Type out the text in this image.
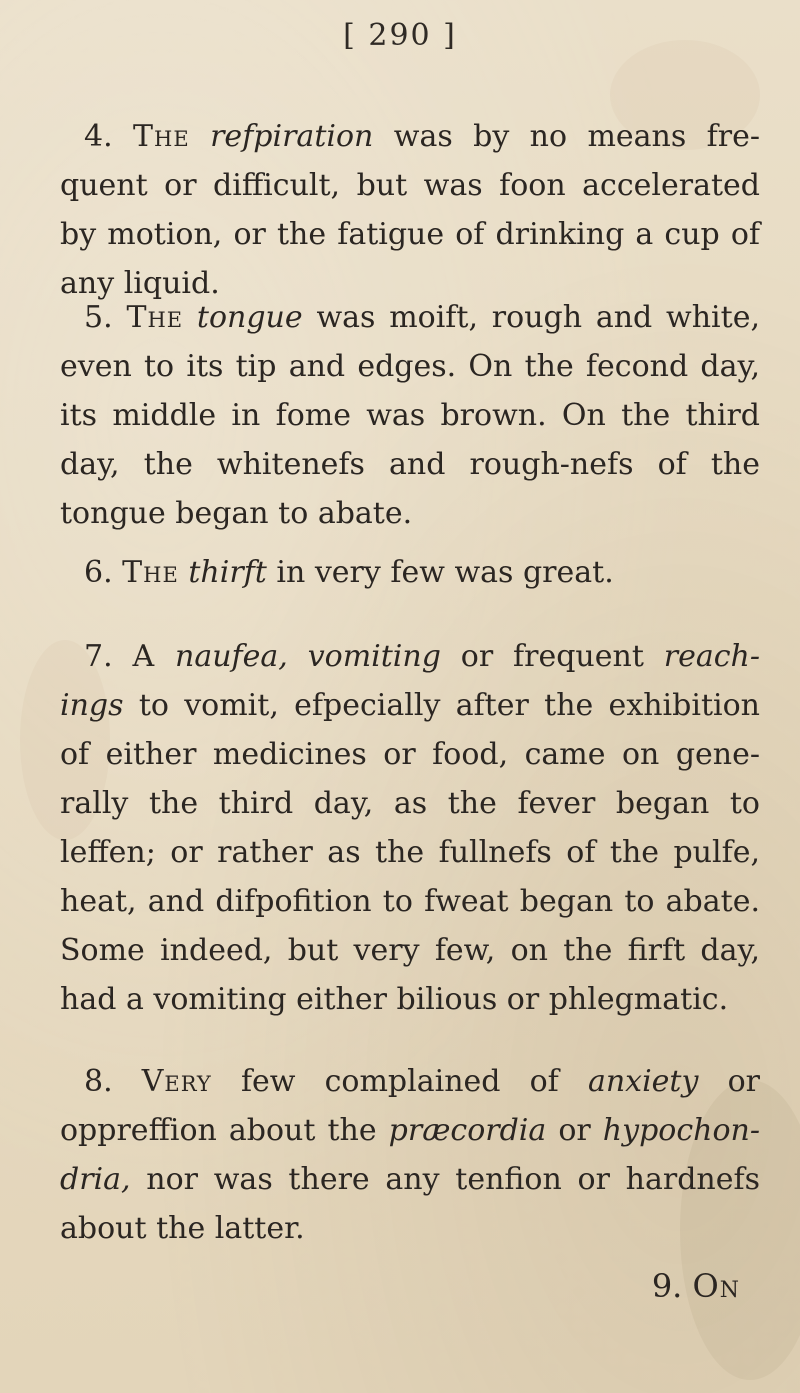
[ 290 ]
4. The refpiration was by no means fre-quent or difficult, but was foon accelerated by motion, or the fatigue of drinking a cup of any liquid.
5. The tongue was moift, rough and white, even to its tip and edges. On the fecond day, its middle in fome was brown. On the third day, the whitenefs and rough-nefs of the tongue began to abate.
6. The thirft in very few was great.
7. A naufea, vomiting or frequent reach-ings to vomit, efpecially after the exhibition of either medicines or food, came on gene-rally the third day, as the fever began to leffen; or rather as the fullnefs of the pulfe, heat, and difpofition to fweat began to abate. Some indeed, but very few, on the firft day, had a vomiting either bilious or phlegmatic.
8. Very few complained of anxiety or oppreffion about the præcordia or hypochon-dria, nor was there any tenfion or hardnefs about the latter.
9. On
